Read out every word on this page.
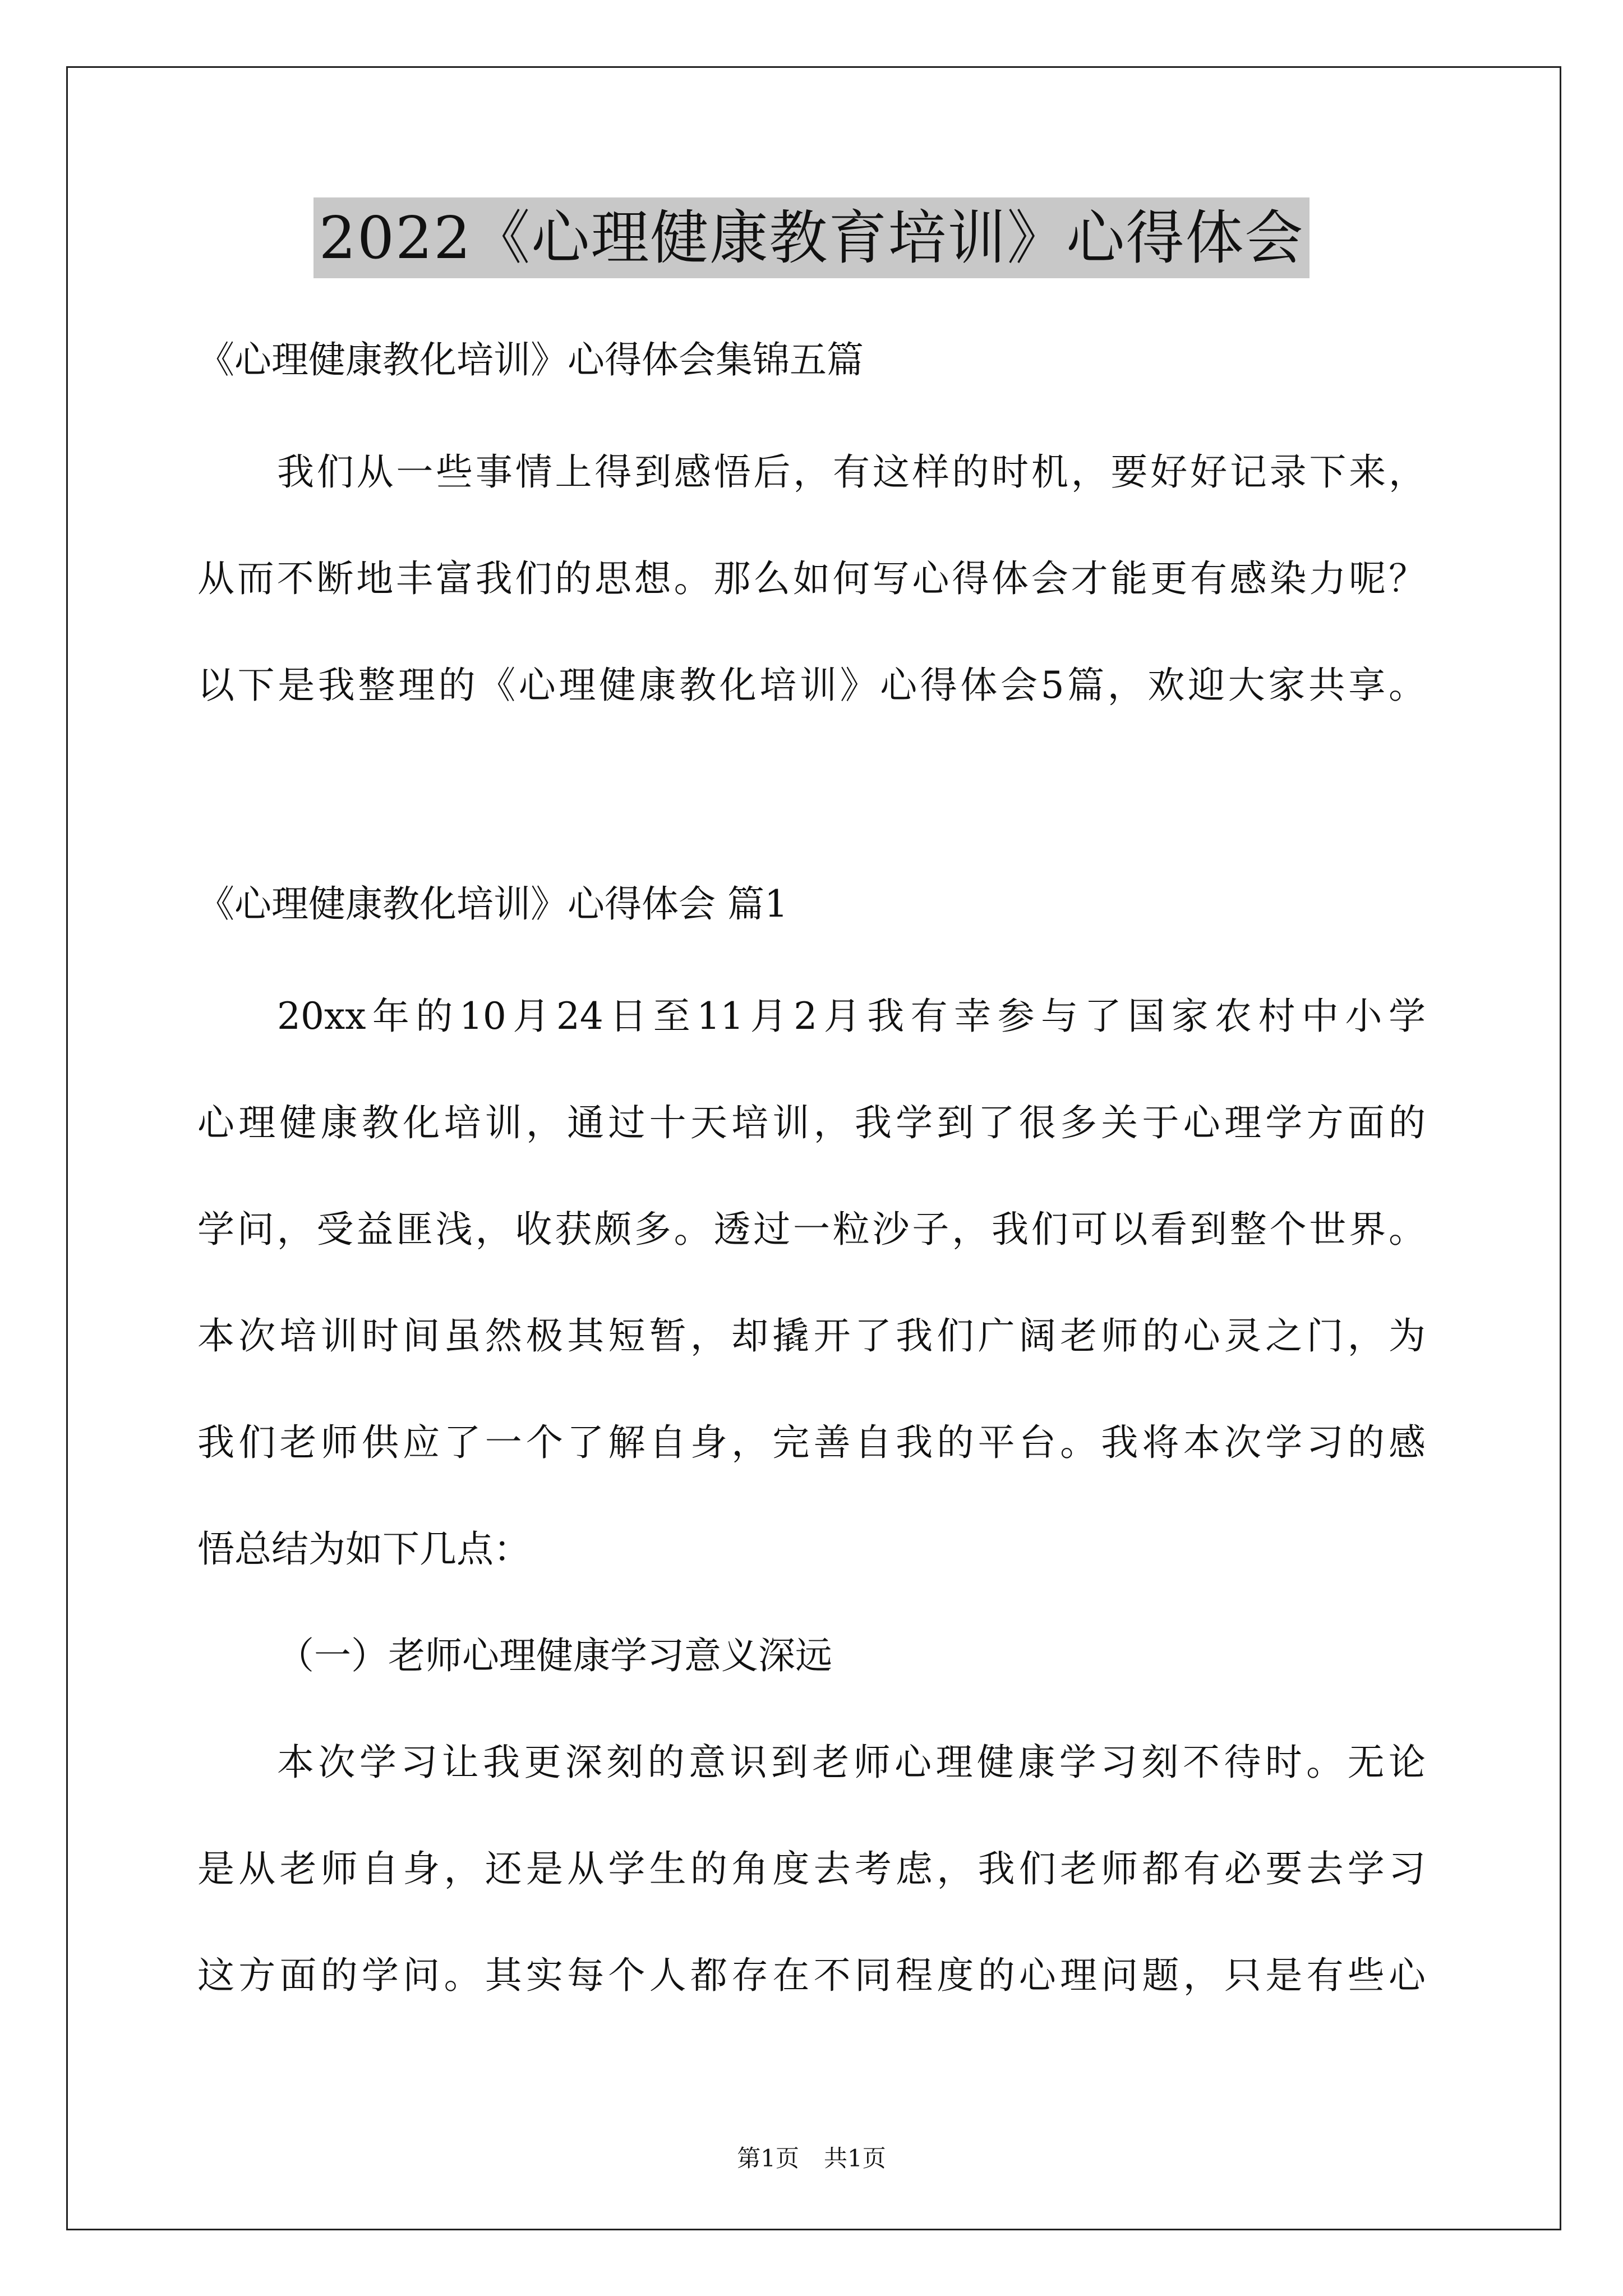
2022《心理健康教育培训》心得体会
《心理健康教化培训》心得体会集锦五篇
我们从一些事情上得到感悟后，有这样的时机，要好好记录下来，
从而不断地丰富我们的思想。那么如何写心得体会才能更有感染力呢？
以下是我整理的《心理健康教化培训》心得体会5篇，欢迎大家共享。
《心理健康教化培训》心得体会 篇1
20xx年的10月24日至11月2月我有幸参与了国家农村中小学
心理健康教化培训，通过十天培训，我学到了很多关于心理学方面的
学问，受益匪浅，收获颇多。透过一粒沙子，我们可以看到整个世界。
本次培训时间虽然极其短暂，却撬开了我们广阔老师的心灵之门，为
我们老师供应了一个了解自身，完善自我的平台。我将本次学习的感
悟总结为如下几点：
（一）老师心理健康学习意义深远
本次学习让我更深刻的意识到老师心理健康学习刻不待时。无论
是从老师自身，还是从学生的角度去考虑，我们老师都有必要去学习
这方面的学问。其实每个人都存在不同程度的心理问题，只是有些心
第1页 共1页
